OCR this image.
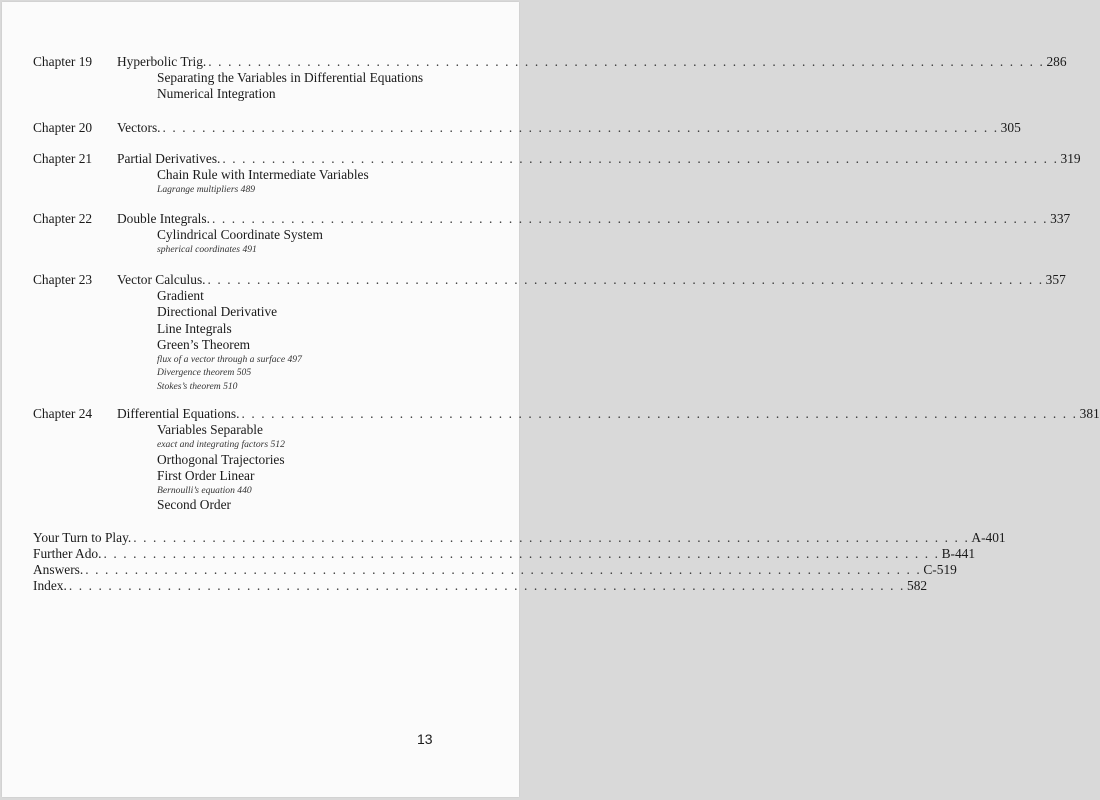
Chapter 19 Hyperbolic Trig. . . . . . . . . . . . . . . . . . . . . . . . . . . . . . . . . . . . . . . . . . . . . . . . . . . . . . . . . . . . . . . . . . . . . . . . . . . . . . . . . . . . . . 286
Separating the Variables in Differential Equations
Numerical Integration
Chapter 20 Vectors. . . . . . . . . . . . . . . . . . . . . . . . . . . . . . . . . . . . . . . . . . . . . . . . . . . . . . . . . . . . . . . . . . . . . . . . . . . . . . . . . . . . . . 305
Chapter 21 Partial Derivatives. . . . . . . . . . . . . . . . . . . . . . . . . . . . . . . . . . . . . . . . . . . . . . . . . . . . . . . . . . . . . . . . . . . . . . . . . . . . . . . . . . . . . . 319
Chain Rule with Intermediate Variables
Lagrange multipliers 489
Chapter 22 Double Integrals. . . . . . . . . . . . . . . . . . . . . . . . . . . . . . . . . . . . . . . . . . . . . . . . . . . . . . . . . . . . . . . . . . . . . . . . . . . . . . . . . . . . . . 337
Cylindrical Coordinate System
spherical coordinates 491
Chapter 23 Vector Calculus. . . . . . . . . . . . . . . . . . . . . . . . . . . . . . . . . . . . . . . . . . . . . . . . . . . . . . . . . . . . . . . . . . . . . . . . . . . . . . . . . . . . . . 357
Gradient
Directional Derivative
Line Integrals
Green’s Theorem
flux of a vector through a surface 497
Divergence theorem 505
Stokes’s theorem 510
Chapter 24 Differential Equations. . . . . . . . . . . . . . . . . . . . . . . . . . . . . . . . . . . . . . . . . . . . . . . . . . . . . . . . . . . . . . . . . . . . . . . . . . . . . . . . . . . . . . 381
Variables Separable
exact and integrating factors 512
Orthogonal Trajectories
First Order Linear
Bernoulli’s equation 440
Second Order
Your Turn to Play. . . . . . . . . . . . . . . . . . . . . . . . . . . . . . . . . . . . . . . . . . . . . . . . . . . . . . . . . . . . . . . . . . . . . . . . . . . . . . . . . . . . . . A-401
Further Ado. . . . . . . . . . . . . . . . . . . . . . . . . . . . . . . . . . . . . . . . . . . . . . . . . . . . . . . . . . . . . . . . . . . . . . . . . . . . . . . . . . . . . . B-441
Answers. . . . . . . . . . . . . . . . . . . . . . . . . . . . . . . . . . . . . . . . . . . . . . . . . . . . . . . . . . . . . . . . . . . . . . . . . . . . . . . . . . . . . . C-519
Index. . . . . . . . . . . . . . . . . . . . . . . . . . . . . . . . . . . . . . . . . . . . . . . . . . . . . . . . . . . . . . . . . . . . . . . . . . . . . . . . . . . . . . 582
13
